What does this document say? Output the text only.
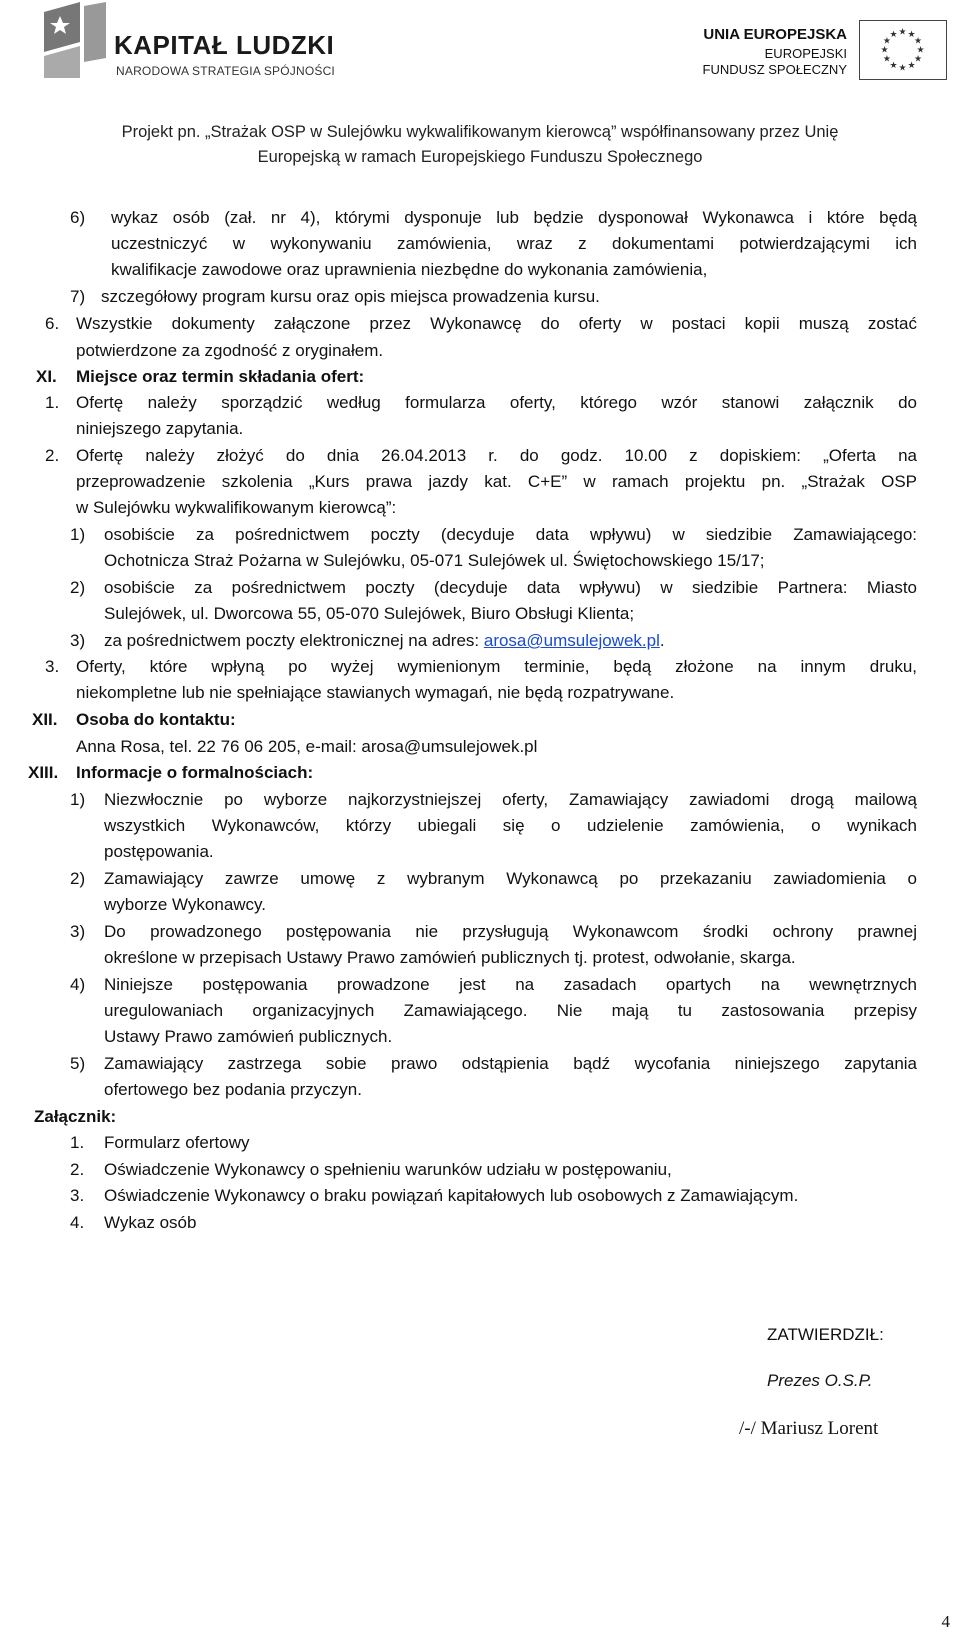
KAPITAŁ LUDZKI
NARODOWA STRATEGIA SPÓJNOŚCI
UNIA EUROPEJSKA
EUROPEJSKI
FUNDUSZ SPOŁECZNY
★ ★
★
★
★
★
★
★
★
★
★
★
Projekt pn. „Strażak OSP w Sulejówku wykwalifikowanym kierowcą” współfinansowany przez Unię
Europejską w ramach Europejskiego Funduszu Społecznego
6) wykaz osób (zał. nr 4), którymi dysponuje lub będzie dysponował Wykonawca i które będą
uczestniczyć w wykonywaniu zamówienia, wraz z dokumentami potwierdzającymi ich
kwalifikacje zawodowe oraz uprawnienia niezbędne do wykonania zamówienia,
7) szczegółowy program kursu oraz opis miejsca prowadzenia kursu.
6. Wszystkie dokumenty załączone przez Wykonawcę do oferty w postaci kopii muszą zostać
potwierdzone za zgodność z oryginałem.
XI. Miejsce oraz termin składania ofert:
1. Ofertę należy sporządzić według formularza oferty, którego wzór stanowi załącznik do
niniejszego zapytania.
2. Ofertę należy złożyć do dnia 26.04.2013 r. do godz. 10.00 z dopiskiem: „Oferta na
przeprowadzenie szkolenia „Kurs prawa jazdy kat. C+E” w ramach projektu pn. „Strażak OSP
w Sulejówku wykwalifikowanym kierowcą”:
1) osobiście za pośrednictwem poczty (decyduje data wpływu) w siedzibie Zamawiającego:
Ochotnicza Straż Pożarna w Sulejówku, 05-071 Sulejówek ul. Świętochowskiego 15/17;
2) osobiście za pośrednictwem poczty (decyduje data wpływu) w siedzibie Partnera: Miasto
Sulejówek, ul. Dworcowa 55, 05-070 Sulejówek, Biuro Obsługi Klienta;
3) za pośrednictwem poczty elektronicznej na adres: arosa@umsulejowek.pl.
3. Oferty, które wpłyną po wyżej wymienionym terminie, będą złożone na innym druku,
niekompletne lub nie spełniające stawianych wymagań, nie będą rozpatrywane.
XII. Osoba do kontaktu:
Anna Rosa, tel. 22 76 06 205, e-mail: arosa@umsulejowek.pl
XIII. Informacje o formalnościach:
1) Niezwłocznie po wyborze najkorzystniejszej oferty, Zamawiający zawiadomi drogą mailową
wszystkich Wykonawców, którzy ubiegali się o udzielenie zamówienia, o wynikach
postępowania.
2) Zamawiający zawrze umowę z wybranym Wykonawcą po przekazaniu zawiadomienia o
wyborze Wykonawcy.
3) Do prowadzonego postępowania nie przysługują Wykonawcom środki ochrony prawnej
określone w przepisach Ustawy Prawo zamówień publicznych tj. protest, odwołanie, skarga.
4) Niniejsze postępowania prowadzone jest na zasadach opartych na wewnętrznych
uregulowaniach organizacyjnych Zamawiającego. Nie mają tu zastosowania przepisy
Ustawy Prawo zamówień publicznych.
5) Zamawiający zastrzega sobie prawo odstąpienia bądź wycofania niniejszego zapytania
ofertowego bez podania przyczyn.
Załącznik:
1. Formularz ofertowy
2. Oświadczenie Wykonawcy o spełnieniu warunków udziału w postępowaniu,
3. Oświadczenie Wykonawcy o braku powiązań kapitałowych lub osobowych z Zamawiającym.
4. Wykaz osób
ZATWIERDZIŁ:
Prezes O.S.P.
/-/ Mariusz Lorent
4
